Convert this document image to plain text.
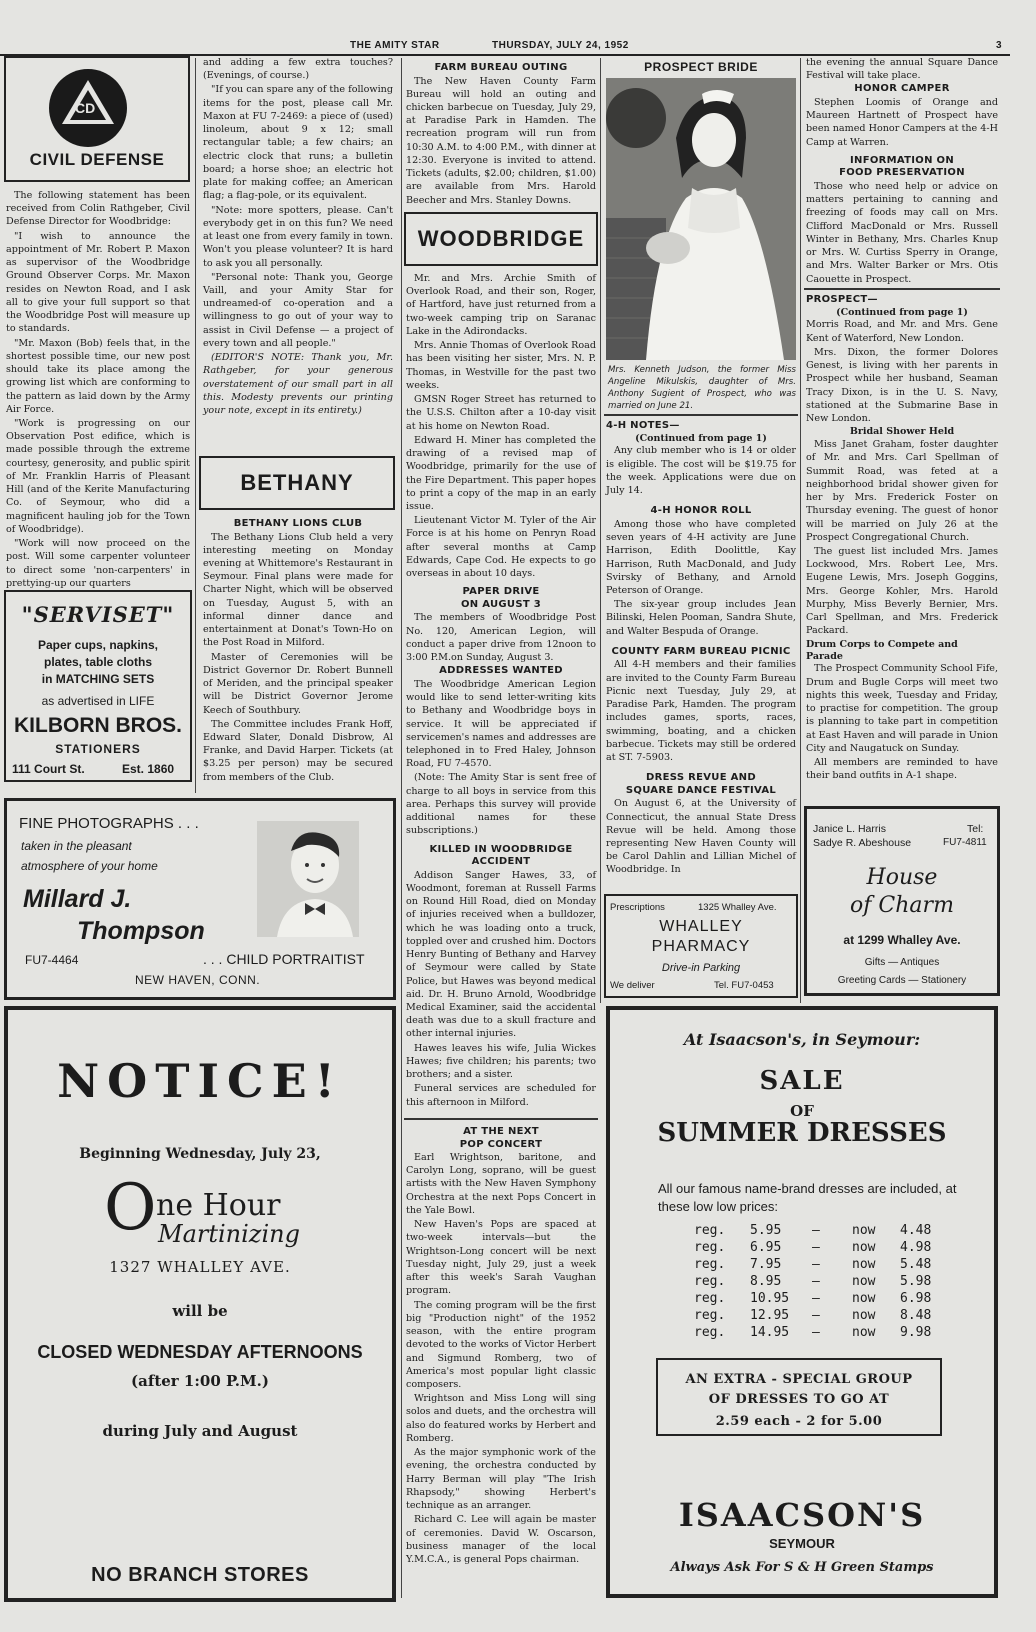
THE AMITY STAR	THURSDAY, JULY 24, 1952	3
CD
CIVIL DEFENSE

The following statement has been received from Colin Rathgeber, Civil Defense Director for Woodbridge:

"I wish to announce the appointment of Mr. Robert P. Maxon as supervisor of the Woodbridge Ground Observer Corps. Mr. Maxon resides on Newton Road, and I ask all to give your full support so that the Woodbridge Post will measure up to standards.

"Mr. Maxon (Bob) feels that, in the shortest possible time, our new post should take its place among the growing list which are conforming to the pattern as laid down by the Army Air Force.

"Work is progressing on our Observation Post edifice, which is made possible through the extreme courtesy, generosity, and public spirit of Mr. Franklin Harris of Pleasant Hill (and of the Kerite Manufacturing Co. of Seymour, who did a magnificent hauling job for the Town of Woodbridge).

"Work will now proceed on the post. Will some carpenter volunteer to direct some 'non-carpenters' in prettying-up our quarters

"SERVISET"
Paper cups, napkins,
plates, table cloths
in MATCHING SETS
as advertised in LIFE
KILBORN BROS.
STATIONERS
111 Court St.	Est. 1860

and adding a few extra touches? (Evenings, of course.)

"If you can spare any of the following items for the post, please call Mr. Maxon at FU 7-2469: a piece of (used) linoleum, about 9 x 12; small rectangular table; a few chairs; an electric clock that runs; a bulletin board; a horse shoe; an electric hot plate for making coffee; an American flag; a flag-pole, or its equivalent.

"Note: more spotters, please. Can't everybody get in on this fun? We need at least one from every family in town. Won't you please volunteer? It is hard to ask you all personally.

"Personal note: Thank you, George Vaill, and your Amity Star for undreamed-of co-operation and a willingness to go out of your way to assist in Civil Defense — a project of every town and all people."

(EDITOR'S NOTE: Thank you, Mr. Rathgeber, for your generous overstatement of our small part in all this. Modesty prevents our printing your note, except in its entirety.)

BETHANY
BETHANY LIONS CLUB

The Bethany Lions Club held a very interesting meeting on Monday evening at Whittemore's Restaurant in Seymour. Final plans were made for Charter Night, which will be observed on Tuesday, August 5, with an informal dinner dance and entertainment at Donat's Town-Ho on the Post Road in Milford.

Master of Ceremonies will be District Governor Dr. Robert Bunnell of Meriden, and the principal speaker will be District Governor Jerome Keech of Southbury.

The Committee includes Frank Hoff, Edward Slater, Donald Disbrow, Al Franke, and David Harper. Tickets (at $3.25 per person) may be secured from members of the Club.

FINE PHOTOGRAPHS . . .
taken in the pleasant
atmosphere of your home
Millard J.
Thompson
FU7-4464	. . . CHILD PORTRAITIST
NEW HAVEN, CONN.
NOTICE!
Beginning Wednesday, July 23,
O ne Hour
Martinizing
1327 WHALLEY AVE.
will be
CLOSED WEDNESDAY AFTERNOONS
(after 1:00 P.M.)
during July and August
NO BRANCH STORES
FARM BUREAU OUTING

The New Haven County Farm Bureau will hold an outing and chicken barbecue on Tuesday, July 29, at Paradise Park in Hamden. The recreation program will run from 10:30 A.M. to 4:00 P.M., with dinner at 12:30. Everyone is invited to attend. Tickets (adults, $2.00; children, $1.00) are available from Mrs. Harold Beecher and Mrs. Stanley Downs.

WOODBRIDGE

Mr. and Mrs. Archie Smith of Overlook Road, and their son, Roger, of Hartford, have just returned from a two-week camping trip on Saranac Lake in the Adirondacks.

Mrs. Annie Thomas of Overlook Road has been visiting her sister, Mrs. N. P. Thomas, in Westville for the past two weeks.

GMSN Roger Street has returned to the U.S.S. Chilton after a 10-day visit at his home on Newton Road.

Edward H. Miner has completed the drawing of a revised map of Woodbridge, primarily for the use of the Fire Department. This paper hopes to print a copy of the map in an early issue.

Lieutenant Victor M. Tyler of the Air Force is at his home on Penryn Road after several months at Camp Edwards, Cape Cod. He expects to go overseas in about 10 days.

PAPER DRIVE
ON AUGUST 3

The members of Woodbridge Post No. 120, American Legion, will conduct a paper drive from 12noon to 3:00 P.M.on Sunday, August 3.

ADDRESSES WANTED

The Woodbridge American Legion would like to send letter-writing kits to Bethany and Woodbridge boys in service. It will be appreciated if servicemen's names and addresses are telephoned in to Fred Haley, Johnson Road, FU 7-4570.

(Note: The Amity Star is sent free of charge to all boys in service from this area. Perhaps this survey will provide additional names for these subscriptions.)

KILLED IN WOODBRIDGE
ACCIDENT

Addison Sanger Hawes, 33, of Woodmont, foreman at Russell Farms on Round Hill Road, died on Monday of injuries received when a bulldozer, which he was loading onto a truck, toppled over and crushed him. Doctors Henry Bunting of Bethany and Harvey of Seymour were called by State Police, but Hawes was beyond medical aid. Dr. H. Bruno Arnold, Woodbridge Medical Examiner, said the accidental death was due to a skull fracture and other internal injuries.

Hawes leaves his wife, Julia Wickes Hawes; five children; his parents; two brothers; and a sister.

Funeral services are scheduled for this afternoon in Milford.

AT THE NEXT
POP CONCERT

Earl Wrightson, baritone, and Carolyn Long, soprano, will be guest artists with the New Haven Symphony Orchestra at the next Pops Concert in the Yale Bowl.

New Haven's Pops are spaced at two-week intervals—but the Wrightson-Long concert will be next Tuesday night, July 29, just a week after this week's Sarah Vaughan program.

The coming program will be the first big "Production night" of the 1952 season, with the entire program devoted to the works of Victor Herbert and Sigmund Romberg, two of America's most popular light classic composers.

Wrightson and Miss Long will sing solos and duets, and the orchestra will also do featured works by Herbert and Romberg.

As the major symphonic work of the evening, the orchestra conducted by Harry Berman will play "The Irish Rhapsody," showing Herbert's technique as an arranger.

Richard C. Lee will again be master of ceremonies. David W. Oscarson, business manager of the local Y.M.C.A., is general Pops chairman.

PROSPECT BRIDE
Mrs. Kenneth Judson, the former Miss Angeline Mikulskis, daughter of Mrs. Anthony Sugient of Prospect, who was married on June 21.
4-H NOTES—
(Continued from page 1)

Any club member who is 14 or older is eligible. The cost will be $19.75 for the week. Applications were due on July 14.

4-H HONOR ROLL

Among those who have completed seven years of 4-H activity are June Harrison, Edith Doolittle, Kay Harrison, Ruth MacDonald, and Judy Svirsky of Bethany, and Arnold Peterson of Orange.

The six-year group includes Jean Bilinski, Helen Pooman, Sandra Shute, and Walter Bespuda of Orange.

COUNTY FARM BUREAU PICNIC

All 4-H members and their families are invited to the County Farm Bureau Picnic next Tuesday, July 29, at Paradise Park, Hamden. The program includes games, sports, races, swimming, boating, and a chicken barbecue. Tickets may still be ordered at ST. 7-5903.

DRESS REVUE AND
SQUARE DANCE FESTIVAL

On August 6, at the University of Connecticut, the annual State Dress Revue will be held. Among those representing New Haven County will be Carol Dahlin and Lillian Michel of Woodbridge. In

Prescriptions	1325 Whalley Ave.
WHALLEY
PHARMACY
Drive-in Parking
We deliver	Tel. FU7-0453

the evening the annual Square Dance Festival will take place.

HONOR CAMPER

Stephen Loomis of Orange and Maureen Hartnett of Prospect have been named Honor Campers at the 4-H Camp at Warren.

INFORMATION ON
FOOD PRESERVATION

Those who need help or advice on matters pertaining to canning and freezing of foods may call on Mrs. Clifford MacDonald or Mrs. Russell Winter in Bethany, Mrs. Charles Knup or Mrs. W. Curtiss Sperry in Orange, and Mrs. Walter Barker or Mrs. Otis Caouette in Prospect.

PROSPECT—
(Continued from page 1)

Morris Road, and Mr. and Mrs. Gene Kent of Waterford, New London.

Mrs. Dixon, the former Dolores Genest, is living with her parents in Prospect while her husband, Seaman Tracy Dixon, is in the U. S. Navy, stationed at the Submarine Base in New London.

Bridal Shower Held

Miss Janet Graham, foster daughter of Mr. and Mrs. Carl Spellman of Summit Road, was feted at a neighborhood bridal shower given for her by Mrs. Frederick Foster on Thursday evening. The guest of honor will be married on July 26 at the Prospect Congregational Church.

The guest list included Mrs. James Lockwood, Mrs. Robert Lee, Mrs. Eugene Lewis, Mrs. Joseph Goggins, Mrs. George Kohler, Mrs. Harold Murphy, Miss Beverly Bernier, Mrs. Carl Spellman, and Mrs. Frederick Packard.

Drum Corps to Compete and Parade

The Prospect Community School Fife, Drum and Bugle Corps will meet two nights this week, Tuesday and Friday, to practise for competition. The group is planning to take part in competition at East Haven and will parade in Union City and Naugatuck on Sunday.

All members are reminded to have their band outfits in A-1 shape.

Janice L. Harris
Sadye R. Abeshouse
Tel:
FU7-4811
House
of Charm
at 1299 Whalley Ave.
Gifts — Antiques
Greeting Cards — Stationery
At Isaacson's, in Seymour:
SALE
OF
SUMMER DRESSES
All our famous name-brand dresses are included, at these low low prices:
reg.	5.95	—	now	4.48
reg.	6.95	—	now	4.98
reg.	7.95	—	now	5.48
reg.	8.95	—	now	5.98
reg.	10.95	—	now	6.98
reg.	12.95	—	now	8.48
reg.	14.95	—	now	9.98
AN EXTRA - SPECIAL GROUP
OF DRESSES TO GO AT
2.59 each - 2 for 5.00
ISAACSON'S
SEYMOUR
Always Ask For S & H Green Stamps
